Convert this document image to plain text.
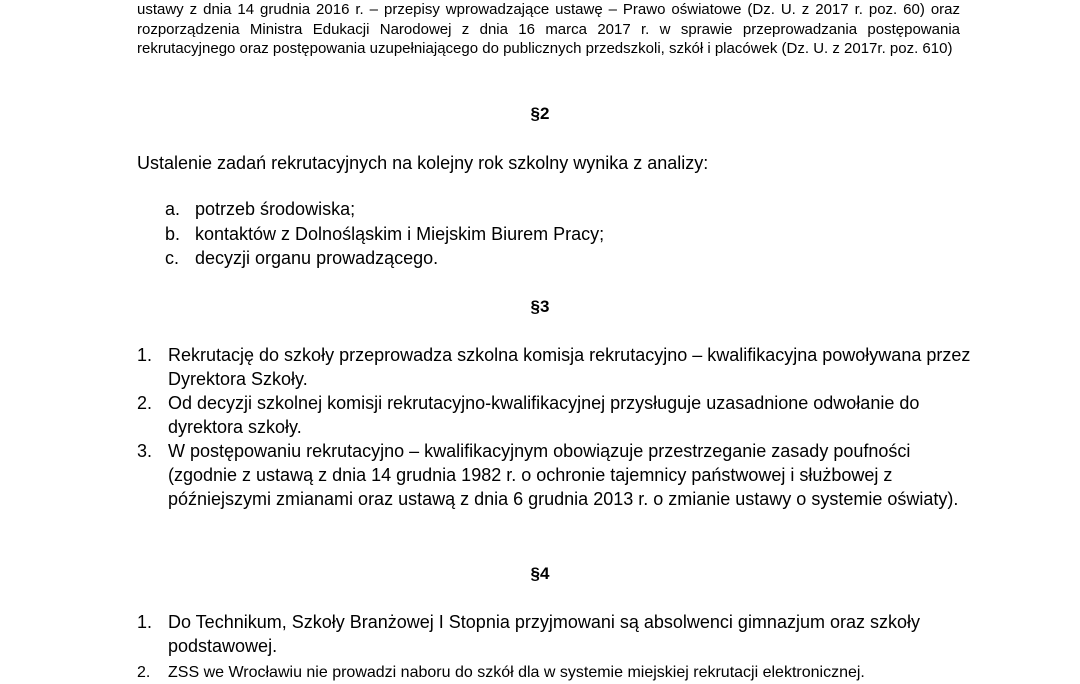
ustawy z dnia 14 grudnia 2016 r. – przepisy wprowadzające ustawę – Prawo oświatowe (Dz. U. z 2017 r. poz. 60) oraz rozporządzenia Ministra Edukacji Narodowej z dnia 16 marca 2017 r. w sprawie przeprowadzania postępowania rekrutacyjnego oraz postępowania uzupełniającego do publicznych przedszkoli, szkół i placówek (Dz. U. z 2017r. poz. 610)

§2
Ustalenie zadań rekrutacyjnych na kolejny rok szkolny wynika z analizy:
a. potrzeb środowiska;
b. kontaktów z Dolnośląskim i Miejskim Biurem Pracy;
c. decyzji organu prowadzącego.
§3
1. Rekrutację do szkoły przeprowadza szkolna komisja rekrutacyjno – kwalifikacyjna powoływana przez Dyrektora Szkoły.
2. Od decyzji szkolnej komisji rekrutacyjno-kwalifikacyjnej przysługuje uzasadnione odwołanie do dyrektora szkoły.
3. W postępowaniu rekrutacyjno – kwalifikacyjnym obowiązuje przestrzeganie zasady poufności (zgodnie z ustawą z dnia 14 grudnia 1982 r. o ochronie tajemnicy państwowej i służbowej z późniejszymi zmianami oraz ustawą z dnia 6 grudnia 2013 r. o zmianie ustawy o systemie oświaty).
§4
1. Do Technikum, Szkoły Branżowej I Stopnia przyjmowani są absolwenci gimnazjum oraz szkoły podstawowej.
2. ZSS we Wrocławiu nie prowadzi naboru do szkół dla w systemie miejskiej rekrutacji elektronicznej.
